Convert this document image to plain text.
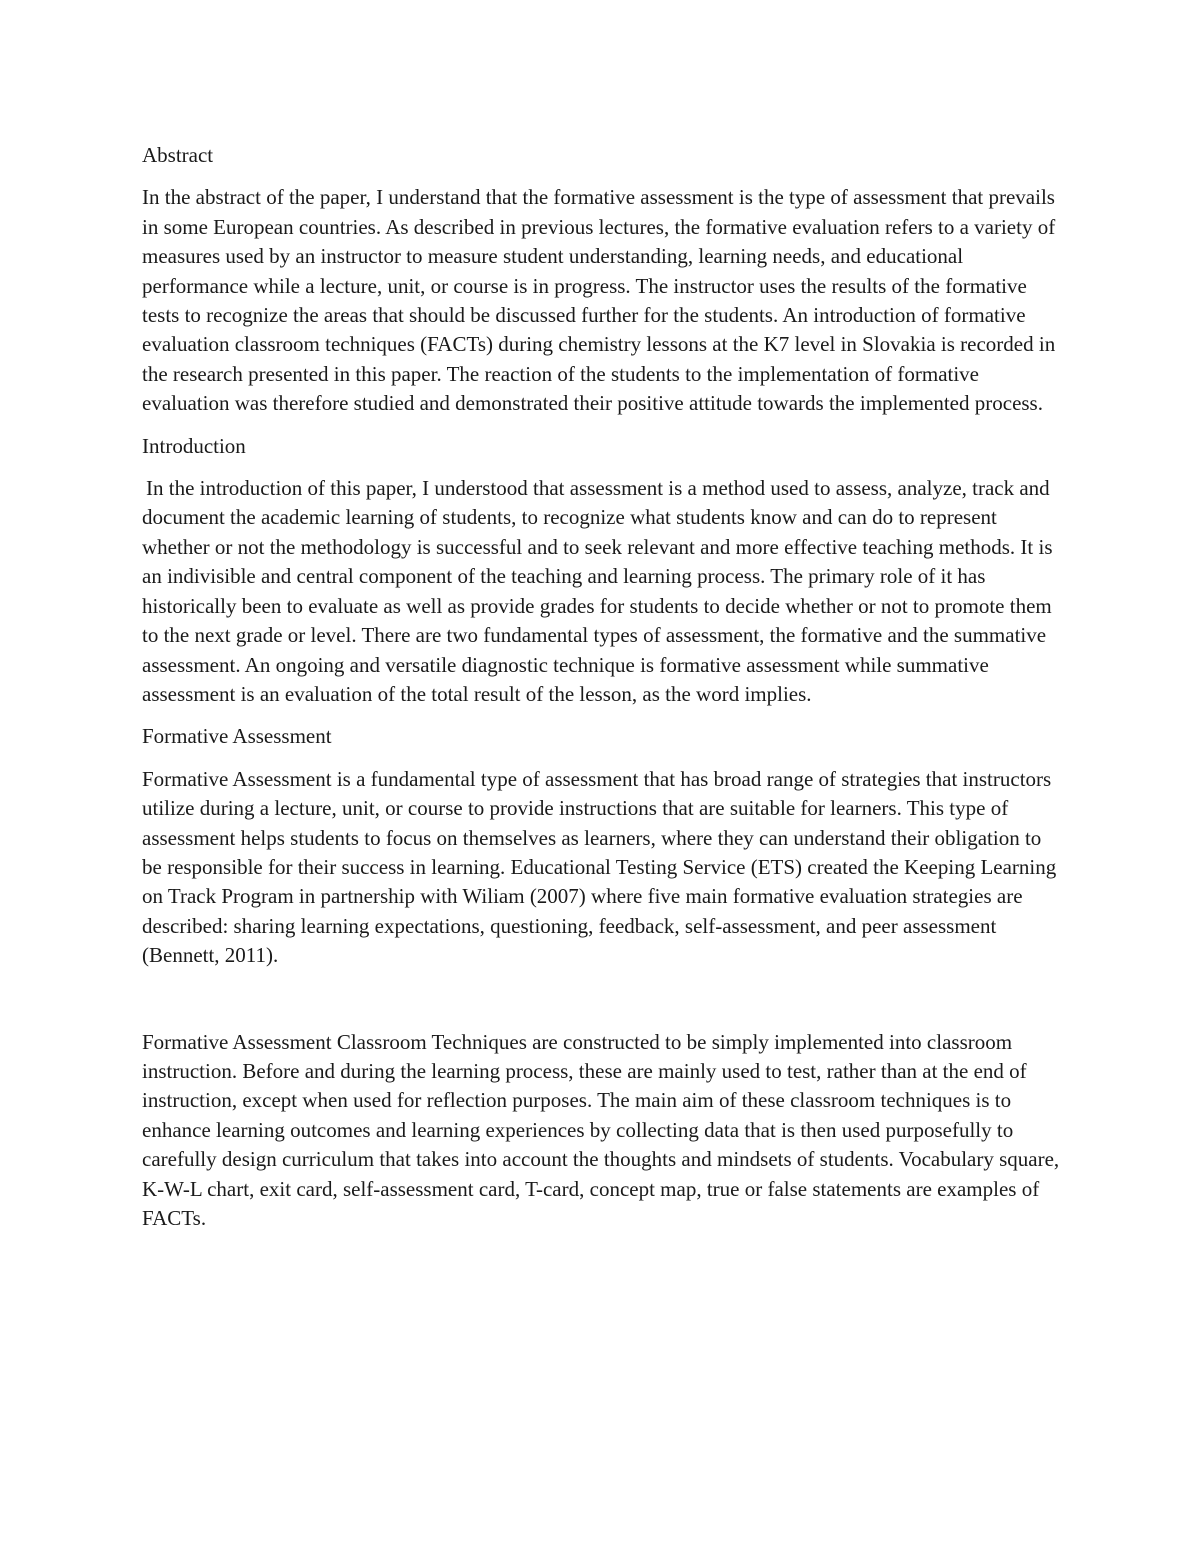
Abstract

In the abstract of the paper, I understand that the formative assessment is the type of assessment that prevails in some European countries. As described in previous lectures, the formative evaluation refers to a variety of measures used by an instructor to measure student understanding, learning needs, and educational performance while a lecture, unit, or course is in progress. The instructor uses the results of the formative tests to recognize the areas that should be discussed further for the students. An introduction of formative evaluation classroom techniques (FACTs) during chemistry lessons at the K7 level in Slovakia is recorded in the research presented in this paper. The reaction of the students to the implementation of formative evaluation was therefore studied and demonstrated their positive attitude towards the implemented process.

Introduction

In the introduction of this paper, I understood that assessment is a method used to assess, analyze, track and document the academic learning of students, to recognize what students know and can do to represent whether or not the methodology is successful and to seek relevant and more effective teaching methods. It is an indivisible and central component of the teaching and learning process. The primary role of it has historically been to evaluate as well as provide grades for students to decide whether or not to promote them to the next grade or level. There are two fundamental types of assessment, the formative and the summative assessment. An ongoing and versatile diagnostic technique is formative assessment while summative assessment is an evaluation of the total result of the lesson, as the word implies.

Formative Assessment

Formative Assessment is a fundamental type of assessment that has broad range of strategies that instructors utilize during a lecture, unit, or course to provide instructions that are suitable for learners. This type of assessment helps students to focus on themselves as learners, where they can understand their obligation to be responsible for their success in learning. Educational Testing Service (ETS) created the Keeping Learning on Track Program in partnership with Wiliam (2007) where five main formative evaluation strategies are described: sharing learning expectations, questioning, feedback, self-assessment, and peer assessment (Bennett, 2011).

Formative Assessment Classroom Techniques are constructed to be simply implemented into classroom instruction. Before and during the learning process, these are mainly used to test, rather than at the end of instruction, except when used for reflection purposes. The main aim of these classroom techniques is to enhance learning outcomes and learning experiences by collecting data that is then used purposefully to carefully design curriculum that takes into account the thoughts and mindsets of students. Vocabulary square, K-W-L chart, exit card, self-assessment card, T-card, concept map, true or false statements are examples of FACTs.
